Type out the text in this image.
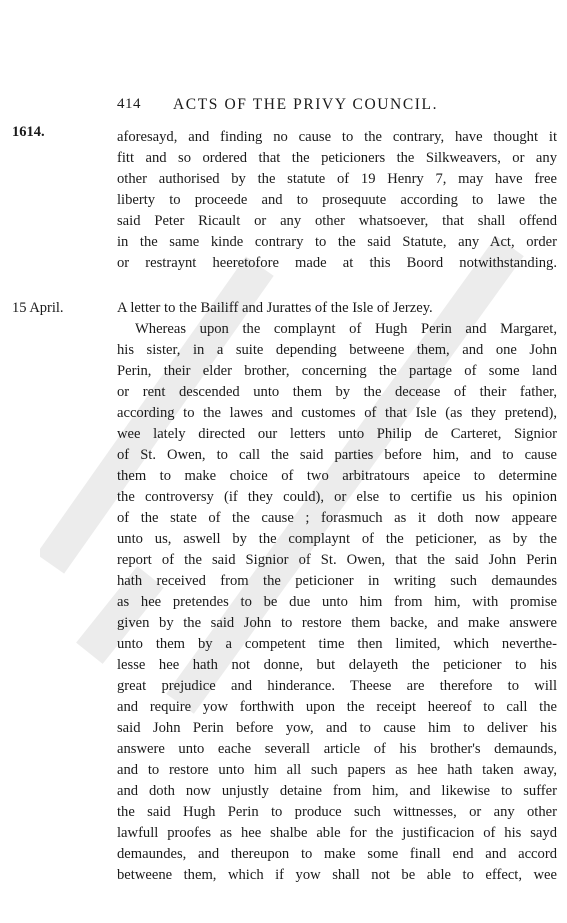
414 ACTS OF THE PRIVY COUNCIL.
1614.
15 April.
aforesayd, and finding no cause to the contrary, have thought it
fitt and so ordered that the peticioners the Silkweavers, or any
other authorised by the statute of 19 Henry 7, may have free
liberty to proceede and to prosequute according to lawe the
said Peter Ricault or any other whatsoever, that shall offend
in the same kinde contrary to the said Statute, any Act, order
or restraynt heeretofore made at this Boord notwithstanding.
A letter to the Bailiff and Jurattes of the Isle of Jerzey.
Whereas upon the complaynt of Hugh Perin and Margaret,
his sister, in a suite depending betweene them, and one John
Perin, their elder brother, concerning the partage of some land
or rent descended unto them by the decease of their father,
according to the lawes and customes of that Isle (as they pretend),
wee lately directed our letters unto Philip de Carteret, Signior
of St. Owen, to call the said parties before him, and to cause
them to make choice of two arbitratours apeice to determine
the controversy (if they could), or else to certifie us his opinion
of the state of the cause ; forasmuch as it doth now appeare
unto us, aswell by the complaynt of the peticioner, as by the
report of the said Signior of St. Owen, that the said John Perin
hath received from the peticioner in writing such demaundes
as hee pretendes to be due unto him from him, with promise
given by the said John to restore them backe, and make answere
unto them by a competent time then limited, which neverthe-
lesse hee hath not donne, but delayeth the peticioner to his
great prejudice and hinderance. Theese are therefore to will
and require yow forthwith upon the receipt heereof to call the
said John Perin before yow, and to cause him to deliver his
answere unto eache severall article of his brother's demaunds,
and to restore unto him all such papers as hee hath taken away,
and doth now unjustly detaine from him, and likewise to suffer
the said Hugh Perin to produce such wittnesses, or any other
lawfull proofes as hee shalbe able for the justificacion of his sayd
demaundes, and thereupon to make some finall end and accord
betweene them, which if yow shall not be able to effect, wee
